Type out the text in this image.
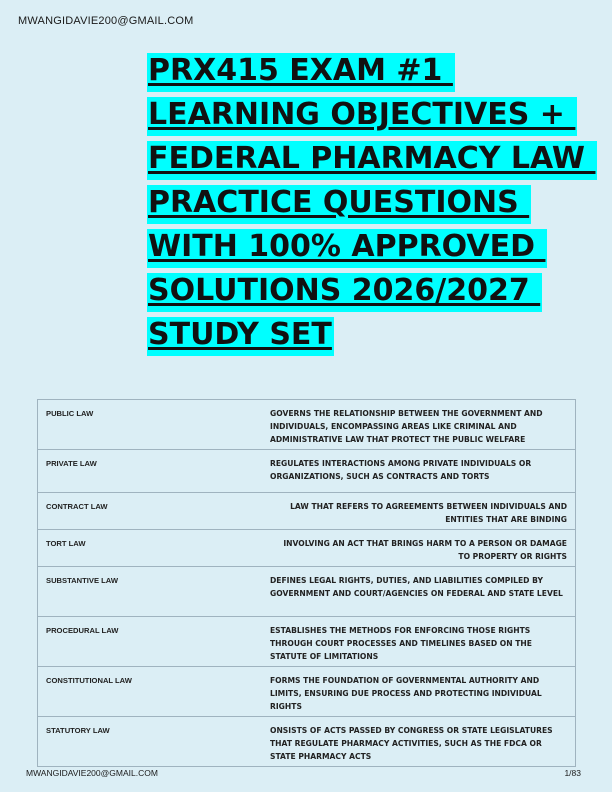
MWANGIDAVIE200@GMAIL.COM
PRX415 EXAM #1
LEARNING OBJECTIVES +
FEDERAL PHARMACY LAW
PRACTICE QUESTIONS
WITH 100% APPROVED
SOLUTIONS 2026/2027
STUDY SET
PUBLIC LAW	GOVERNS THE RELATIONSHIP BETWEEN THE GOVERNMENT AND INDIVIDUALS, ENCOMPASSING AREAS LIKE CRIMINAL AND ADMINISTRATIVE LAW THAT PROTECT THE PUBLIC WELFARE
PRIVATE LAW	REGULATES INTERACTIONS AMONG PRIVATE INDIVIDUALS OR ORGANIZATIONS, SUCH AS CONTRACTS AND TORTS
CONTRACT LAW	LAW THAT REFERS TO AGREEMENTS BETWEEN INDIVIDUALS AND ENTITIES THAT ARE BINDING
TORT LAW	INVOLVING AN ACT THAT BRINGS HARM TO A PERSON OR DAMAGE TO PROPERTY OR RIGHTS
SUBSTANTIVE LAW	DEFINES LEGAL RIGHTS, DUTIES, AND LIABILITIES COMPILED BY GOVERNMENT AND COURT/AGENCIES ON FEDERAL AND STATE LEVEL
PROCEDURAL LAW	ESTABLISHES THE METHODS FOR ENFORCING THOSE RIGHTS THROUGH COURT PROCESSES AND TIMELINES BASED ON THE STATUTE OF LIMITATIONS
CONSTITUTIONAL LAW	FORMS THE FOUNDATION OF GOVERNMENTAL AUTHORITY AND LIMITS, ENSURING DUE PROCESS AND PROTECTING INDIVIDUAL RIGHTS
STATUTORY LAW	ONSISTS OF ACTS PASSED BY CONGRESS OR STATE LEGISLATURES THAT REGULATE PHARMACY ACTIVITIES, SUCH AS THE FDCA OR STATE PHARMACY ACTS
MWANGIDAVIE200@GMAIL.COM	1/83
